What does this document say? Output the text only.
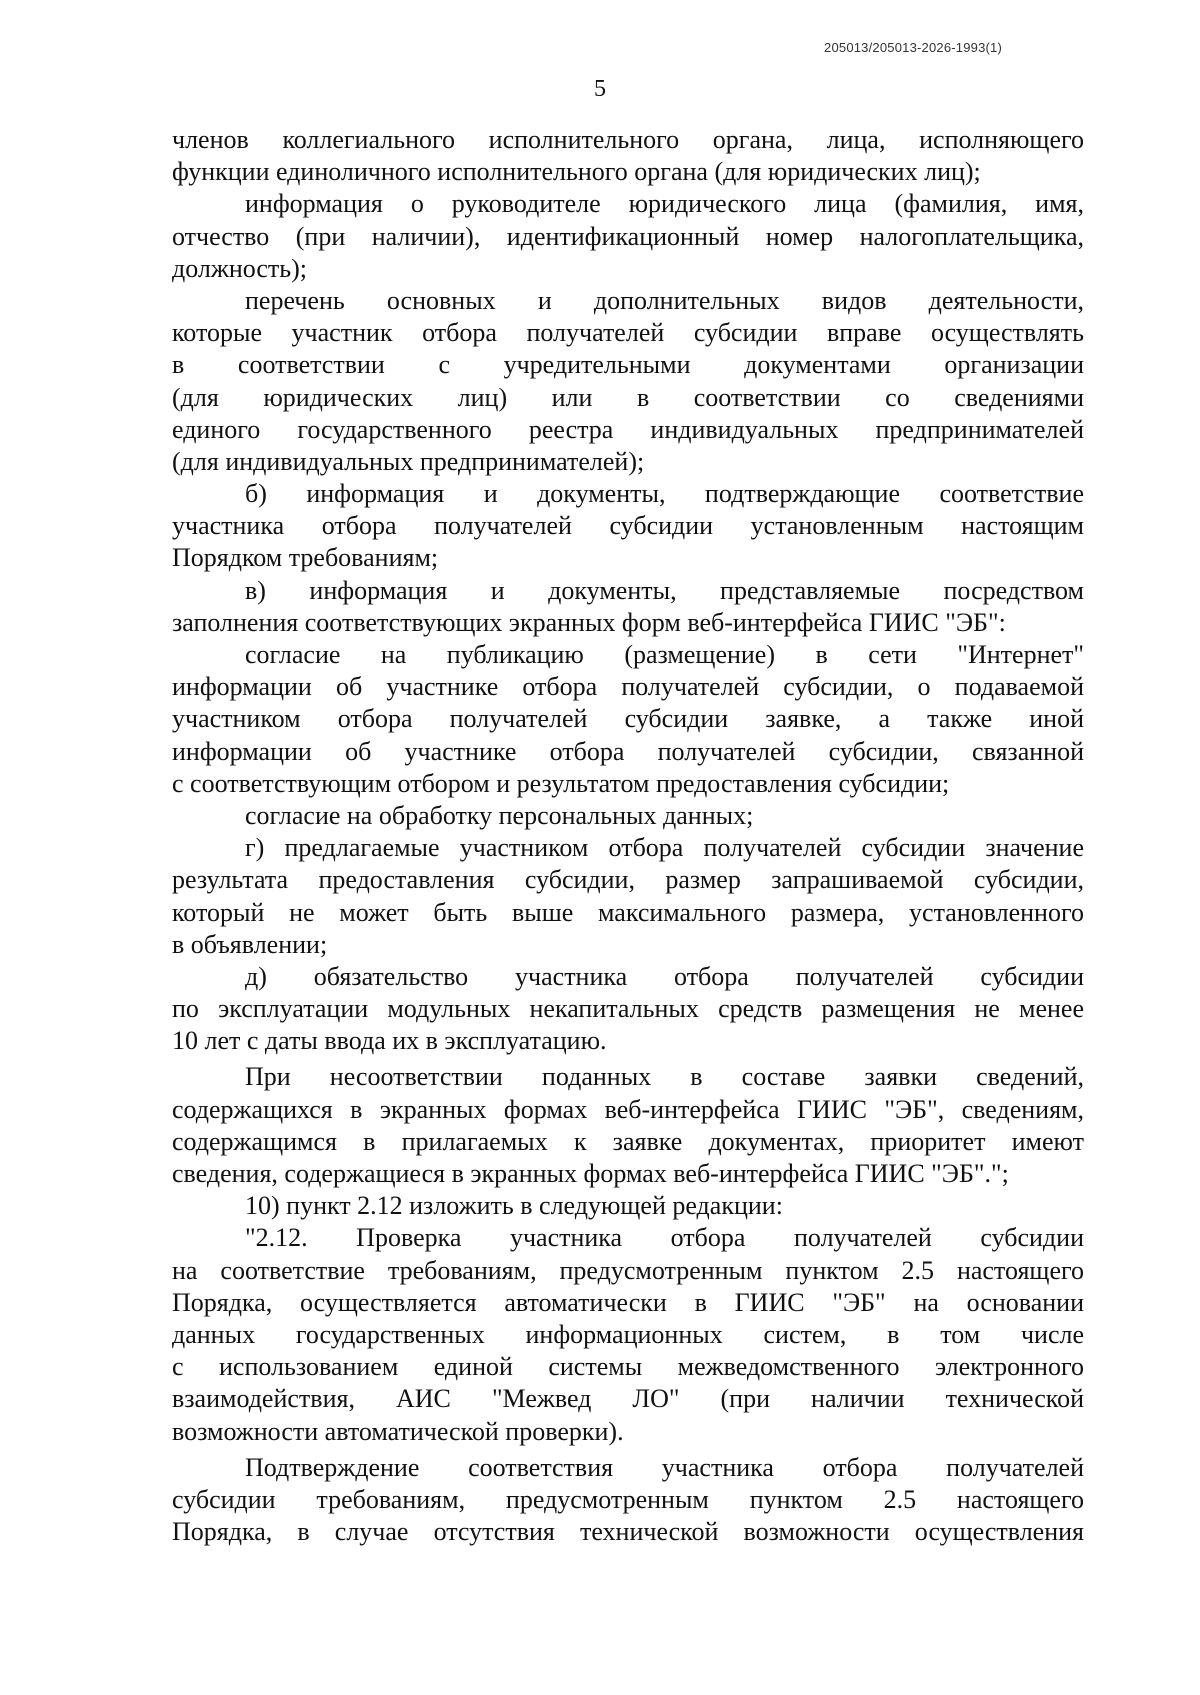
205013/205013-2026-1993(1)
5
членов коллегиального исполнительного органа, лица, исполняющего
функции единоличного исполнительного органа (для юридических лиц);
информация о руководителе юридического лица (фамилия, имя,
отчество (при наличии), идентификационный номер налогоплательщика,
должность);
перечень основных и дополнительных видов деятельности,
которые участник отбора получателей субсидии вправе осуществлять
в соответствии с учредительными документами организации
(для юридических лиц) или в соответствии со сведениями
единого государственного реестра индивидуальных предпринимателей
(для индивидуальных предпринимателей);
б) информация и документы, подтверждающие соответствие
участника отбора получателей субсидии установленным настоящим
Порядком требованиям;
в) информация и документы, представляемые посредством
заполнения соответствующих экранных форм веб-интерфейса ГИИС "ЭБ":
согласие на публикацию (размещение) в сети "Интернет"
информации об участнике отбора получателей субсидии, о подаваемой
участником отбора получателей субсидии заявке, а также иной
информации об участнике отбора получателей субсидии, связанной
с соответствующим отбором и результатом предоставления субсидии;
согласие на обработку персональных данных;
г) предлагаемые участником отбора получателей субсидии значение
результата предоставления субсидии, размер запрашиваемой субсидии,
который не может быть выше максимального размера, установленного
в объявлении;
д) обязательство участника отбора получателей субсидии
по эксплуатации модульных некапитальных средств размещения не менее
10 лет с даты ввода их в эксплуатацию.
При несоответствии поданных в составе заявки сведений,
содержащихся в экранных формах веб-интерфейса ГИИС "ЭБ", сведениям,
содержащимся в прилагаемых к заявке документах, приоритет имеют
сведения, содержащиеся в экранных формах веб-интерфейса ГИИС "ЭБ".";
10) пункт 2.12 изложить в следующей редакции:
"2.12. Проверка участника отбора получателей субсидии
на соответствие требованиям, предусмотренным пунктом 2.5 настоящего
Порядка, осуществляется автоматически в ГИИС "ЭБ" на основании
данных государственных информационных систем, в том числе
с использованием единой системы межведомственного электронного
взаимодействия, АИС "Межвед ЛО" (при наличии технической
возможности автоматической проверки).
Подтверждение соответствия участника отбора получателей
субсидии требованиям, предусмотренным пунктом 2.5 настоящего
Порядка, в случае отсутствия технической возможности осуществления
